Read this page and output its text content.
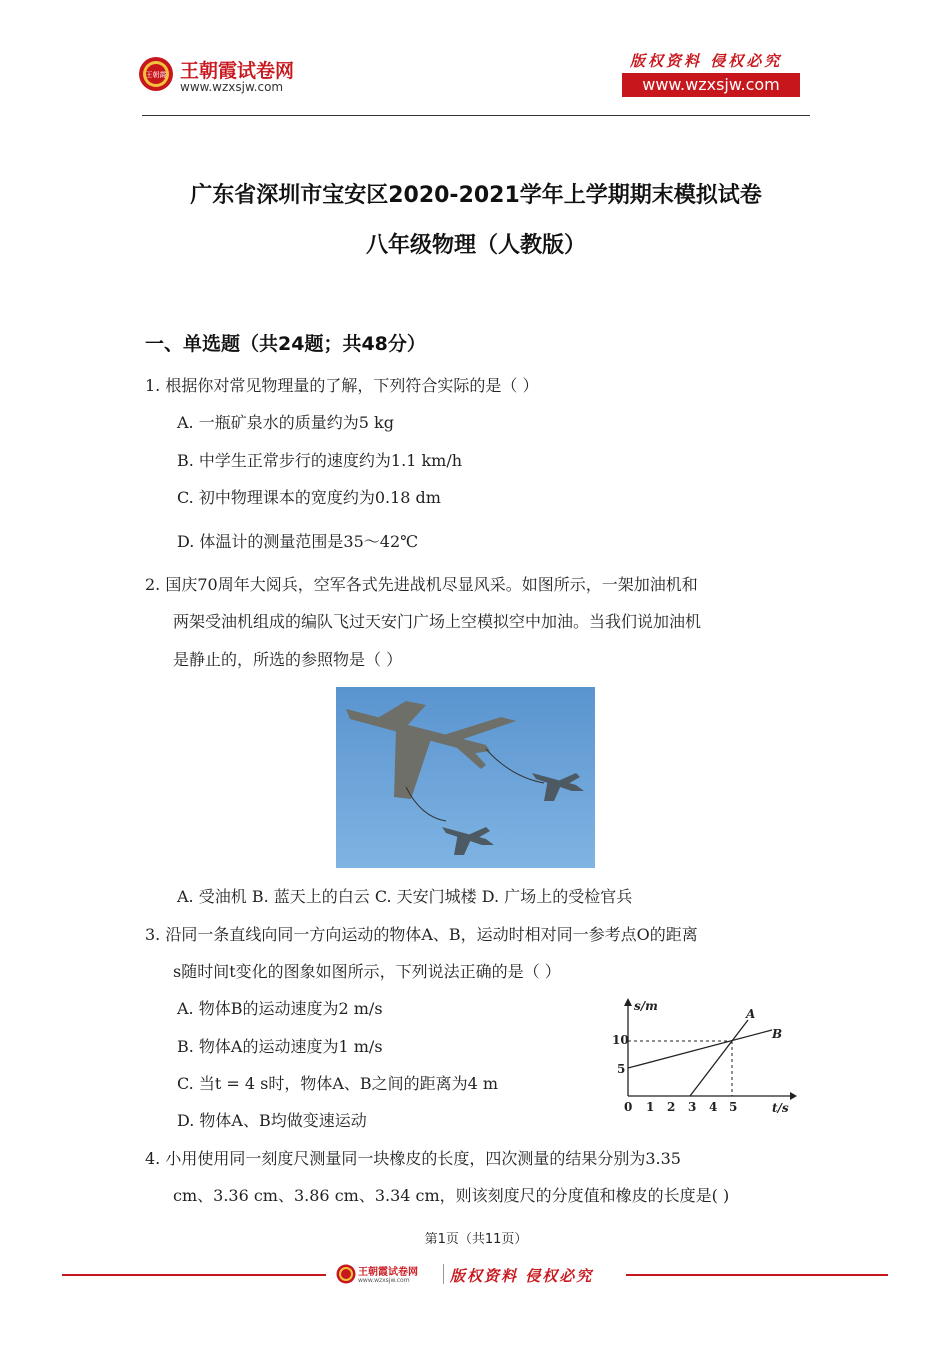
王朝霞 王朝霞试卷网
www.wzxsjw.com
版权资料 侵权必究
www.wzxsjw.com
广东省深圳市宝安区2020-2021学年上学期期末模拟试卷
八年级物理（人教版）
一、单选题（共24题；共48分）
1. 根据你对常见物理量的了解，下列符合实际的是（ ）
A. 一瓶矿泉水的质量约为5 kg
B. 中学生正常步行的速度约为1.1 km/h
C. 初中物理课本的宽度约为0.18 dm
D. 体温计的测量范围是35～42℃
2. 国庆70周年大阅兵，空军各式先进战机尽显风采。如图所示，一架加油机和
两架受油机组成的编队飞过天安门广场上空模拟空中加油。当我们说加油机
是静止的，所选的参照物是（ ）
A. 受油机 B. 蓝天上的白云 C. 天安门城楼 D. 广场上的受检官兵
3. 沿同一条直线向同一方向运动的物体A、B，运动时相对同一参考点O的距离
s随时间t变化的图象如图所示，下列说法正确的是（ ）
A. 物体B的运动速度为2 m/s
B. 物体A的运动速度为1 m/s
C. 当t = 4 s时，物体A、B之间的距离为4 m
D. 物体A、B均做变速运动
s/m
t/s
10
5
0 1 2 3 4 5
A
B
4. 小用使用同一刻度尺测量同一块橡皮的长度，四次测量的结果分别为3.35
cm、3.36 cm、3.86 cm、3.34 cm，则该刻度尺的分度值和橡皮的长度是( )
第1页（共11页）
王朝霞试卷网
www.wzxsjw.com	版权资料 侵权必究
